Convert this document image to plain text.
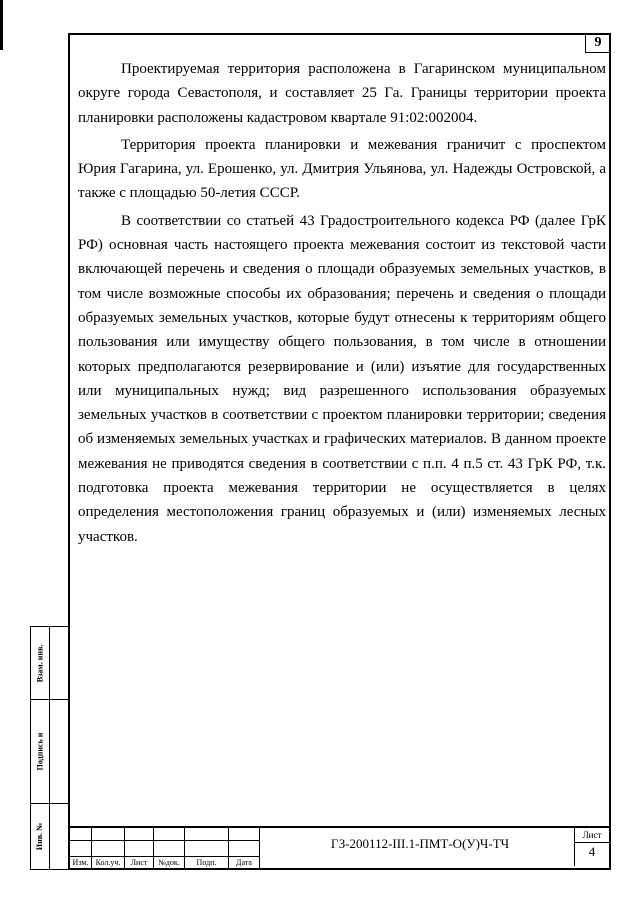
9

Проектируемая территория расположена в Гагаринском муниципальном округе города Севастополя, и составляет 25 Га. Границы территории проекта планировки расположены кадастровом квартале 91:02:002004.

Территория проекта планировки и межевания граничит с проспектом Юрия Гагарина, ул. Ерошенко, ул. Дмитрия Ульянова, ул. Надежды Островской, а также с площадью 50-летия СССР.

В соответствии со статьей 43 Градостроительного кодекса РФ (далее ГрК РФ) основная часть настоящего проекта межевания состоит из текстовой части включающей перечень и сведения о площади образуемых земельных участков, в том числе возможные способы их образования; перечень и сведения о площади образуемых земельных участков, которые будут отнесены к территориям общего пользования или имуществу общего пользования, в том числе в отношении которых предполагаются резервирование и (или) изъятие для государственных или муниципальных нужд; вид разрешенного использования образуемых земельных участков в соответствии с проектом планировки территории; сведения об изменяемых земельных участках и графических материалов. В данном проекте межевания не приводятся сведения в соответствии с п.п. 4 п.5 ст. 43 ГрК РФ, т.к. подготовка проекта межевания территории не осуществляется в целях определения местоположения границ образуемых и (или) изменяемых лесных участков.

Изм. Кол.уч.	Лист	№док.	Подп.	Дата
ГЗ-200112-III.1-ПМТ-О(У)Ч-ТЧ
Лист
4
Взам. инв.
Подпись и
Инв. №
